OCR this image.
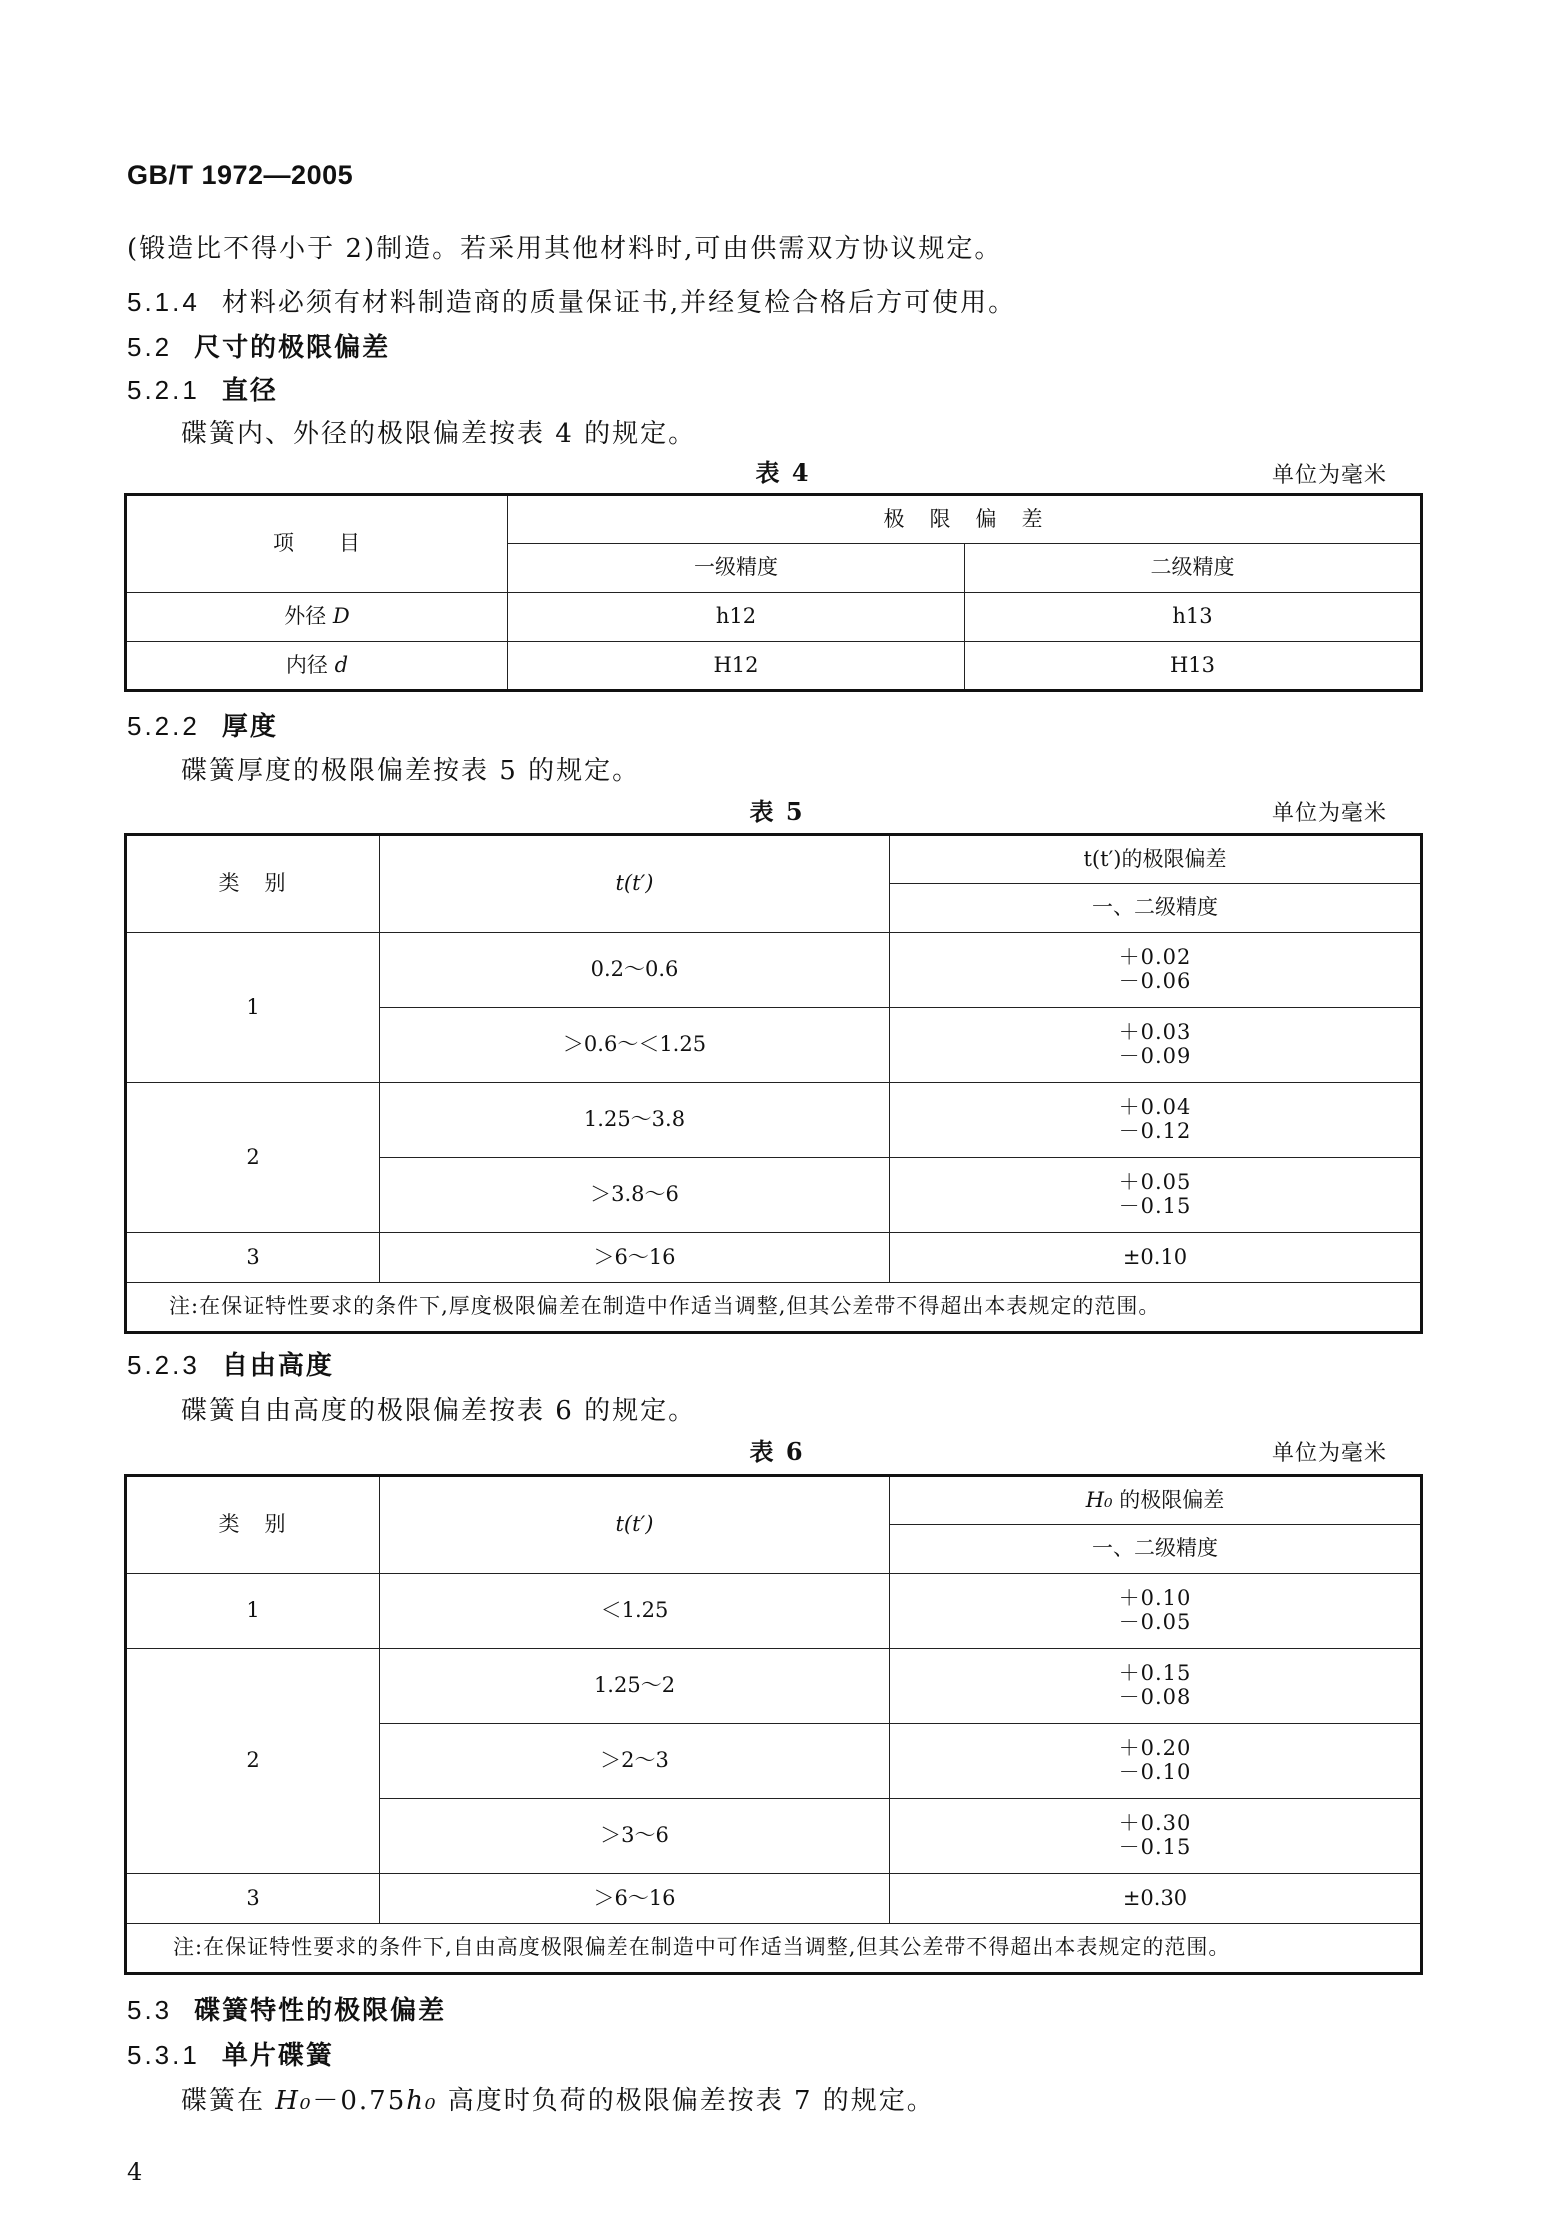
GB/T 1972—2005
(锻造比不得小于 2)制造。若采用其他材料时,可由供需双方协议规定。
5.1.4 材料必须有材料制造商的质量保证书,并经复检合格后方可使用。
5.2 尺寸的极限偏差
5.2.1 直径
碟簧内、外径的极限偏差按表 4 的规定。
表 4	单位为毫米
项　　目	极　限　偏　差	
	一级精度	二级精度
外径 D	h12	h13
内径 d	H12	H13
5.2.2 厚度
碟簧厚度的极限偏差按表 5 的规定。
表 5	单位为毫米
类　别	t(t′)	t(t′)的极限偏差
		一、二级精度
1	0.2～0.6	＋0.02
－0.06
	＞0.6～＜1.25	＋0.03
－0.09
2	1.25～3.8	＋0.04
－0.12
	＞3.8～6	＋0.05
－0.15
3	＞6～16	±0.10
注:在保证特性要求的条件下,厚度极限偏差在制造中作适当调整,但其公差带不得超出本表规定的范围。		
5.2.3 自由高度
碟簧自由高度的极限偏差按表 6 的规定。
表 6	单位为毫米
类　别	t(t′)	H₀ 的极限偏差
		一、二级精度
1	＜1.25	＋0.10
－0.05
2	1.25～2	＋0.15
－0.08
	＞2～3	＋0.20
－0.10
	＞3～6	＋0.30
－0.15
3	＞6～16	±0.30
注:在保证特性要求的条件下,自由高度极限偏差在制造中可作适当调整,但其公差带不得超出本表规定的范围。		
5.3 碟簧特性的极限偏差
5.3.1 单片碟簧
碟簧在 H₀－0.75h₀ 高度时负荷的极限偏差按表 7 的规定。
4
